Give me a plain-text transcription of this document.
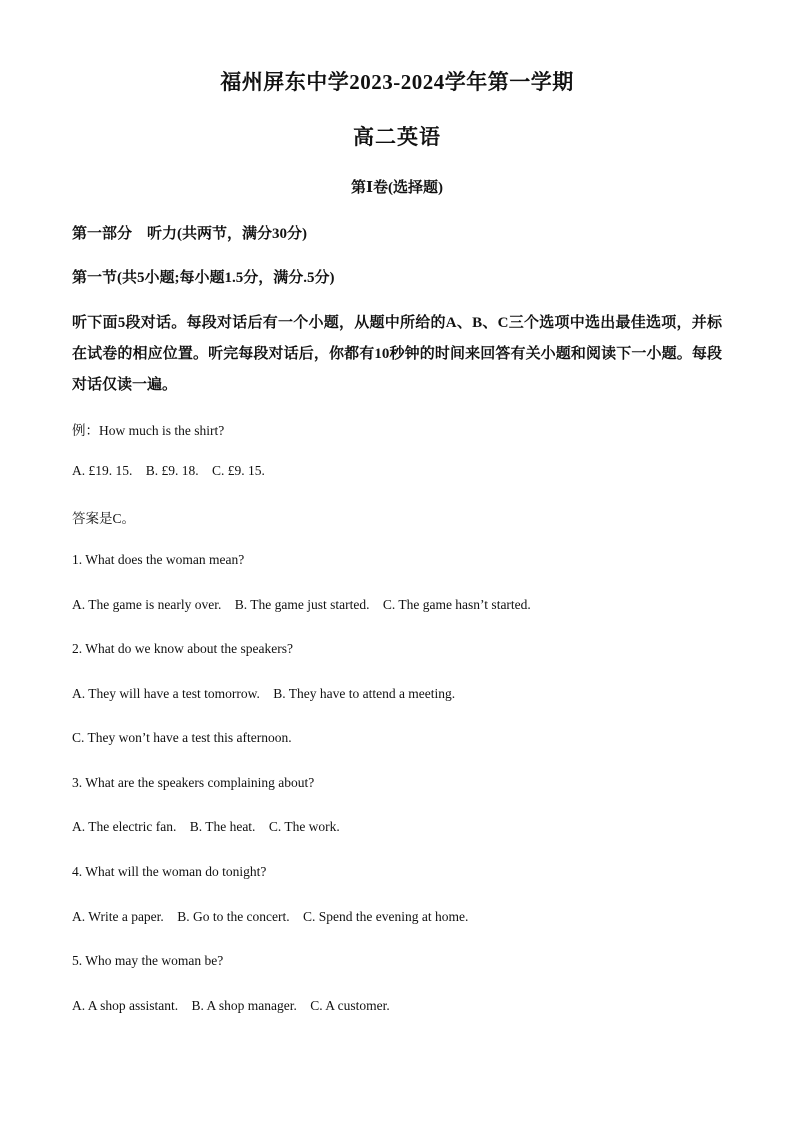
福州屏东中学2023-2024学年第一学期
高二英语
第Ⅰ卷(选择题)

第一部分　听力(共两节，满分30分)

第一节(共5小题;每小题1.5分，满分.5分)

听下面5段对话。每段对话后有一个小题，从题中所给的A、B、C三个选项中选出最佳选项，并标在试卷的相应位置。听完每段对话后，你都有10秒钟的时间来回答有关小题和阅读下一小题。每段对话仅读一遍。

例：How much is the shirt?

A. £19. 15. B. £9. 18. C. £9. 15.

答案是C。

1. What does the woman mean?

A. The game is nearly over. B. The game just started. C. The game hasn’t started.

2. What do we know about the speakers?

A. They will have a test tomorrow. B. They have to attend a meeting.

C. They won’t have a test this afternoon.

3. What are the speakers complaining about?

A. The electric fan. B. The heat. C. The work.

4. What will the woman do tonight?

A. Write a paper. B. Go to the concert. C. Spend the evening at home.

5. Who may the woman be?

A. A shop assistant. B. A shop manager. C. A customer.
